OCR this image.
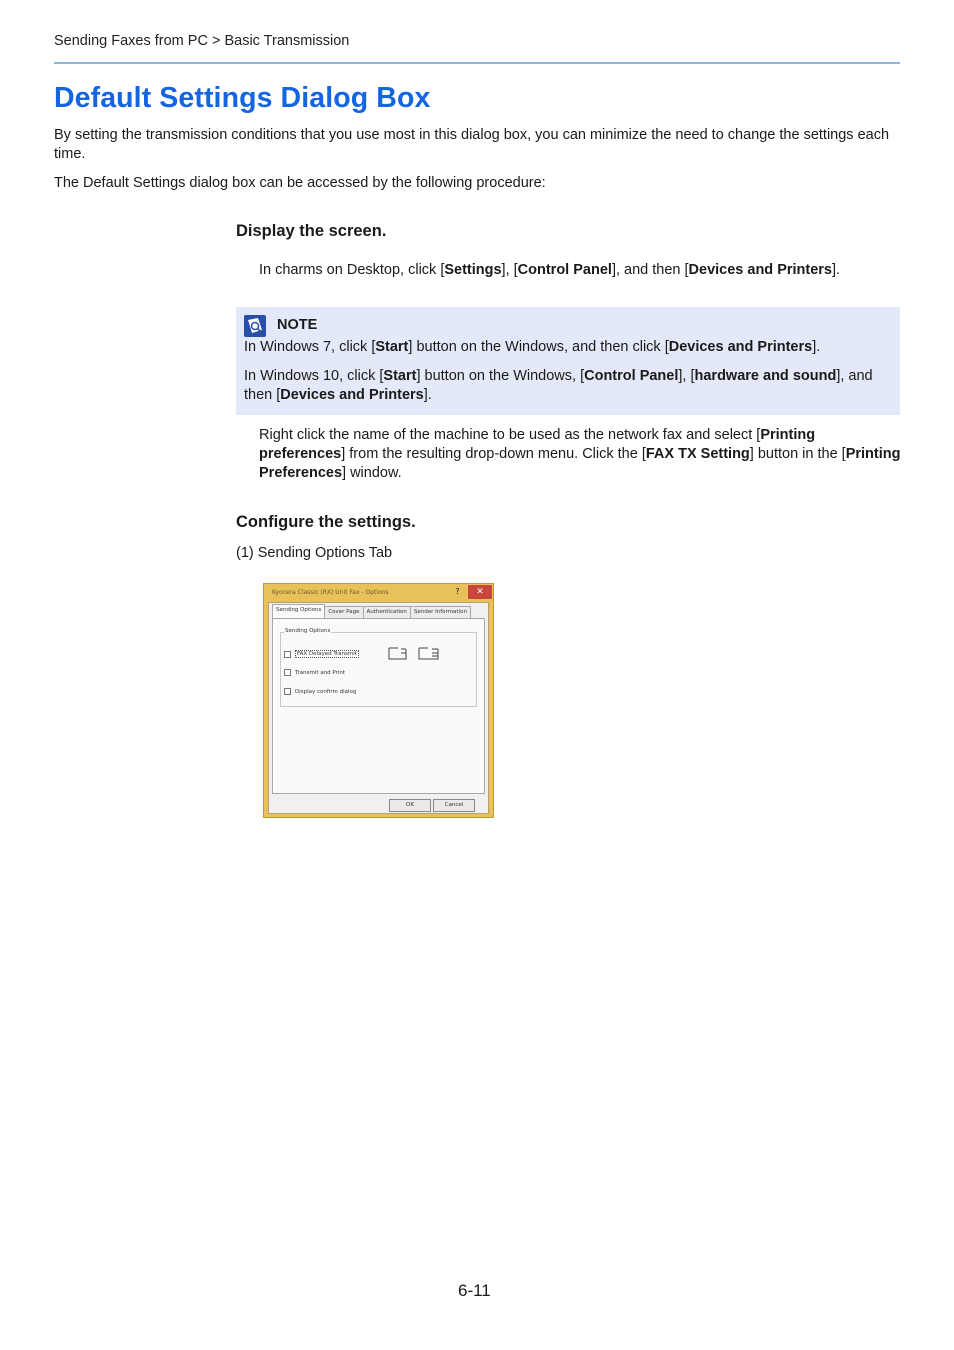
Sending Faxes from PC > Basic Transmission
Default Settings Dialog Box
By setting the transmission conditions that you use most in this dialog box, you can minimize the need to change the settings each time.
The Default Settings dialog box can be accessed by the following procedure:
Display the screen.
In charms on Desktop, click [Settings], [Control Panel], and then [Devices and Printers].
NOTE
In Windows 7, click [Start] button on the Windows, and then click [Devices and Printers].
In Windows 10, click [Start] button on the Windows, [Control Panel], [hardware and sound], and then [Devices and Printers].
Right click the name of the machine to be used as the network fax and select [Printing preferences] from the resulting drop-down menu. Click the [FAX TX Setting] button in the [Printing Preferences] window.
Configure the settings.
(1) Sending Options Tab
Kyocera Classic (RX) Unit Fax - Options	?	✕
Sending Options	Cover Page	Authentication	Sender Information
Sending Options
FAX Delayed Transmit
Transmit and Print
Display confirm dialog
OK	Cancel
6-11
